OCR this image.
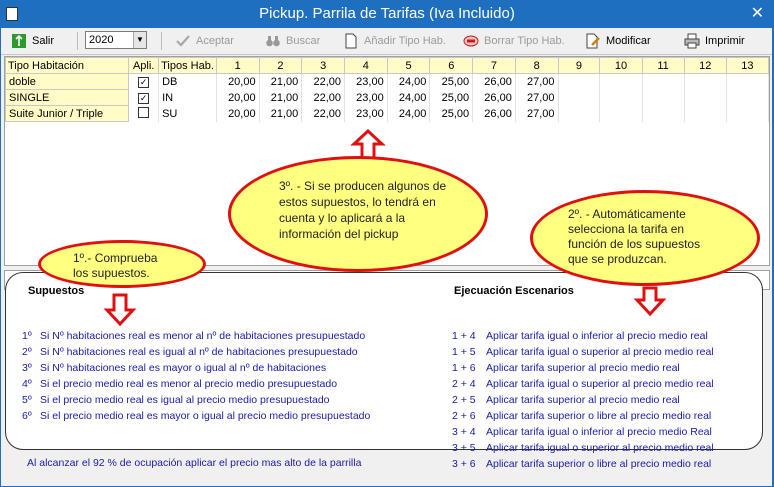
Pickup. Parrila de Tarifas (Iva Incluido)	✕
Salir	2020	▼	Aceptar	Buscar	Añadir Tipo Hab.	Borrar Tipo Hab.	Modificar	Imprimir
Tipo Habitación	Apli.	Tipos Hab.	1	2	3	4	5	6	7	8	9	10	11	12	13
doble	✓	DB	20,00	21,00	22,00	23,00	24,00	25,00	26,00	27,00					
SINGLE	✓	IN	20,00	21,00	22,00	23,00	24,00	25,00	26,00	27,00					
Suite Junior / Triple		SU	20,00	21,00	22,00	23,00	24,00	25,00	26,00	27,00					
Supuestos	Ejecuación Escenarios
1º Si Nº habitaciones real es menor al nº de habitaciones presupuestado
2º Si Nº habitaciones real es igual al nº de habitaciones presupuestado
3º Si Nº habitaciones real es mayor o igual al nº de habitaciones
4º Si el precio medio real es menor al precio medio presupuestado
5º Si el precio medio real es igual al precio medio presupuestado
6º Si el precio medio real es mayor o igual al precio medio presupuestado
1 + 4 Aplicar tarifa igual o inferior al precio medio real
1 + 5 Aplicar tarifa igual o superior al precio medio real
1 + 6 Aplicar tarifa superior al precio medio real
2 + 4 Aplicar tarifa igual o superior al precio medio real
2 + 5 Aplicar tarifa superior al precio medio real
2 + 6 Aplicar tarifa superior o libre al precio medio real
3 + 4 Aplicar tarifa igual o inferior al precio medio Real
3 + 5 Aplicar tarifa igual o superior al precio medio real
3 + 6 Aplicar tarifa superior o libre al precio medio real
Al alcanzar el 92 % de ocupación aplicar el precio mas alto de la parrilla
1º.- Comprueba
los supuestos.
2º. - Automáticamente
selecciona la tarifa en
función de los supuestos
que se produzcan.
3º. - Si se producen algunos de
estos supuestos, lo tendrá en
cuenta y lo aplicará a la
información del pickup
